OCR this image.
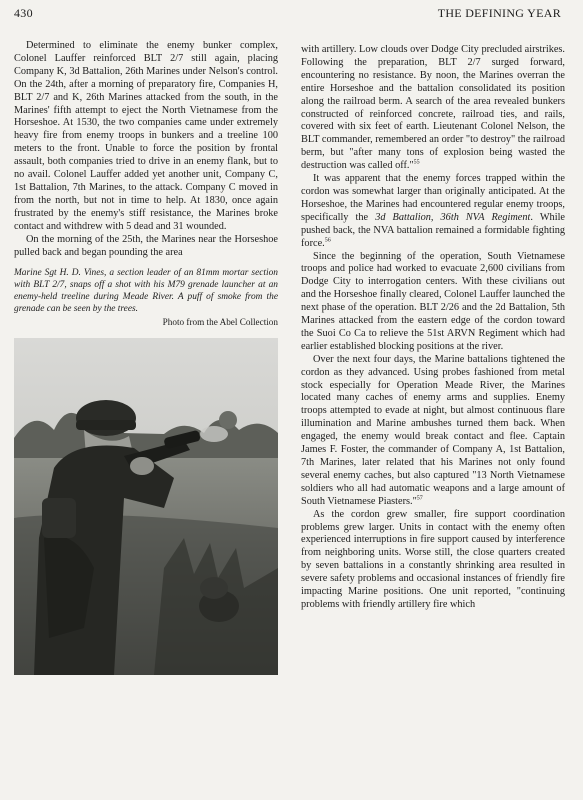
430	THE DEFINING YEAR

Determined to eliminate the enemy bunker complex, Colonel Lauffer reinforced BLT 2/7 still again, placing Company K, 3d Battalion, 26th Marines under Nelson's control. On the 24th, after a morning of preparatory fire, Companies H, BLT 2/7 and K, 26th Marines attacked from the south, in the Marines' fifth attempt to eject the North Vietnamese from the Horseshoe. At 1530, the two companies came under extremely heavy fire from enemy troops in bunkers and a treeline 100 meters to the front. Unable to force the position by frontal assault, both companies tried to drive in an enemy flank, but to no avail. Colonel Lauffer added yet another unit, Company C, 1st Battalion, 7th Marines, to the attack. Company C moved in from the north, but not in time to help. At 1830, once again frustrated by the enemy's stiff resistance, the Marines broke contact and withdrew with 5 dead and 31 wounded.

On the morning of the 25th, the Marines near the Horseshoe pulled back and began pounding the area

Marine Sgt H. D. Vines, a section leader of an 81mm mortar section with BLT 2/7, snaps off a shot with his M79 grenade launcher at an enemy-held treeline during Meade River. A puff of smoke from the grenade can be seen by the trees.
Photo from the Abel Collection

with artillery. Low clouds over Dodge City precluded airstrikes. Following the preparation, BLT 2/7 surged forward, encountering no resistance. By noon, the Marines overran the entire Horseshoe and the battalion consolidated its position along the railroad berm. A search of the area revealed bunkers constructed of reinforced concrete, railroad ties, and rails, covered with six feet of earth. Lieutenant Colonel Nelson, the BLT commander, remembered an order "to destroy" the railroad berm, but "after many tons of explosion being wasted the destruction was called off."$^{55}$

It was apparent that the enemy forces trapped within the cordon was somewhat larger than originally anticipated. At the Horseshoe, the Marines had encountered regular enemy troops, specifically the 3d Battalion, 36th NVA Regiment. While pushed back, the NVA battalion remained a formidable fighting force.$^{56}$

Since the beginning of the operation, South Vietnamese troops and police had worked to evacuate 2,600 civilians from Dodge City to interrogation centers. With these civilians out and the Horseshoe finally cleared, Colonel Lauffer launched the next phase of the operation. BLT 2/26 and the 2d Battalion, 5th Marines attacked from the eastern edge of the cordon toward the Suoi Co Ca to relieve the 51st ARVN Regiment which had earlier established blocking positions at the river.

Over the next four days, the Marine battalions tightened the cordon as they advanced. Using probes fashioned from metal stock especially for Operation Meade River, the Marines located many caches of enemy arms and supplies. Enemy troops attempted to evade at night, but almost continuous flare illumination and Marine ambushes turned them back. When engaged, the enemy would break contact and flee. Captain James F. Foster, the commander of Company A, 1st Battalion, 7th Marines, later related that his Marines not only found several enemy caches, but also captured "13 North Vietnamese soldiers who all had automatic weapons and a large amount of South Vietnamese Piasters."$^{57}$

As the cordon grew smaller, fire support coordination problems grew larger. Units in contact with the enemy often experienced interruptions in fire support caused by interference from neighboring units. Worse still, the close quarters created by seven battalions in a constantly shrinking area resulted in severe safety problems and occasional instances of friendly fire impacting Marine positions. One unit reported, "continuing problems with friendly artillery fire which
